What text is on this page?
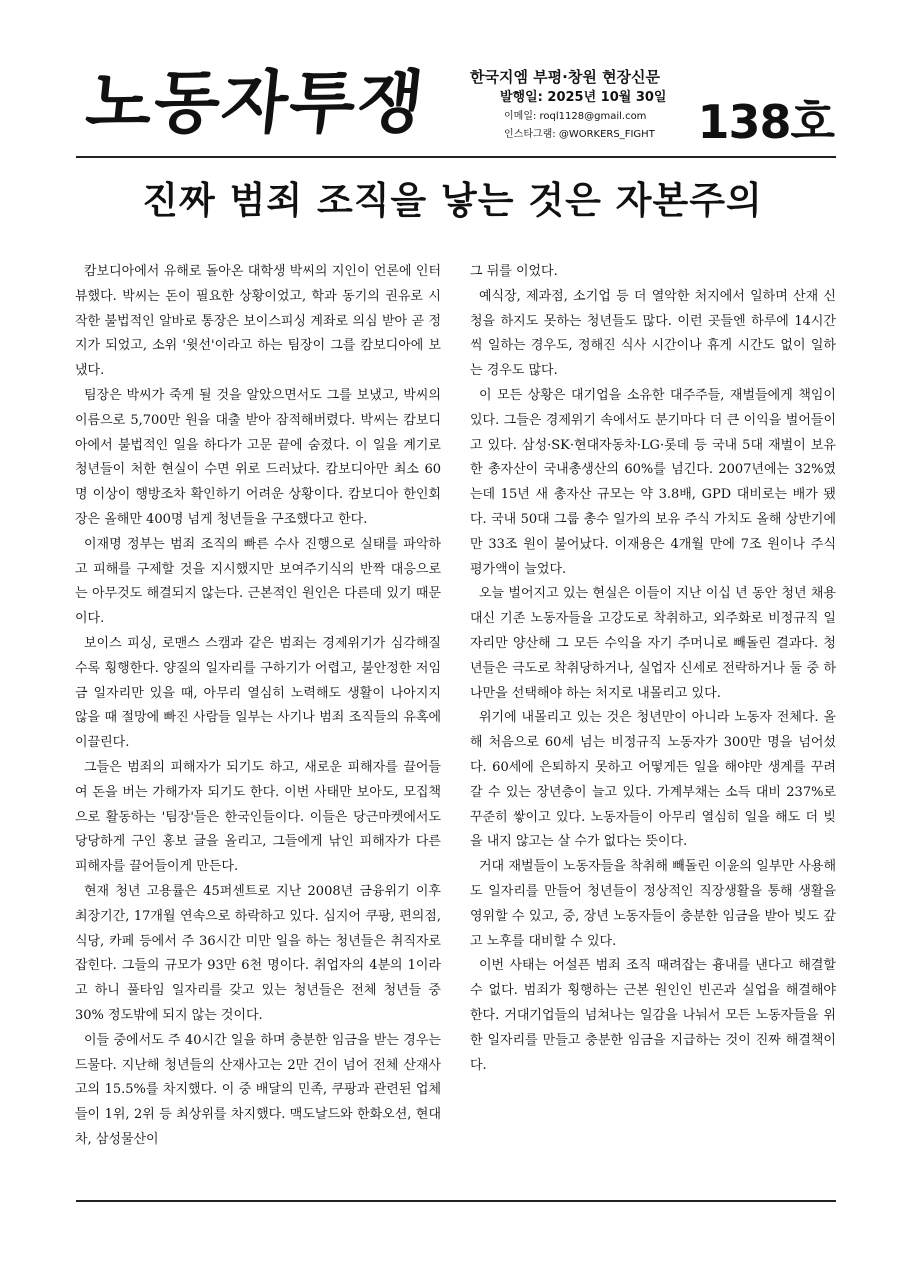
노동자투쟁	한국지엠 부평·창원 현장신문
발행일: 2025년 10월 30일
이메일: roql1128@gmail.com
인스타그램: @WORKERS_FIGHT 138호
진짜 범죄 조직을 낳는 것은 자본주의

캄보디아에서 유해로 돌아온 대학생 박씨의 지인이 언론에 인터뷰했다. 박씨는 돈이 필요한 상황이었고, 학과 동기의 권유로 시작한 불법적인 알바로 통장은 보이스피싱 계좌로 의심 받아 곧 정지가 되었고, 소위 '윗선'이라고 하는 팀장이 그를 캄보디아에 보냈다.

팀장은 박씨가 죽게 될 것을 알았으면서도 그를 보냈고, 박씨의 이름으로 5,700만 원을 대출 받아 잠적해버렸다. 박씨는 캄보디아에서 불법적인 일을 하다가 고문 끝에 숨졌다. 이 일을 계기로 청년들이 처한 현실이 수면 위로 드러났다. 캄보디아만 최소 60명 이상이 행방조차 확인하기 어려운 상황이다. 캄보디아 한인회장은 올해만 400명 넘게 청년들을 구조했다고 한다.

이재명 정부는 범죄 조직의 빠른 수사 진행으로 실태를 파악하고 피해를 구제할 것을 지시했지만 보여주기식의 반짝 대응으로는 아무것도 해결되지 않는다. 근본적인 원인은 다른데 있기 때문이다.

보이스 피싱, 로맨스 스캠과 같은 범죄는 경제위기가 심각해질수록 횡행한다. 양질의 일자리를 구하기가 어렵고, 불안정한 저임금 일자리만 있을 때, 아무리 열심히 노력해도 생활이 나아지지 않을 때 절망에 빠진 사람들 일부는 사기나 범죄 조직들의 유혹에 이끌린다.

그들은 범죄의 피해자가 되기도 하고, 새로운 피해자를 끌어들여 돈을 버는 가해가자 되기도 한다. 이번 사태만 보아도, 모집책으로 활동하는 '팀장'들은 한국인들이다. 이들은 당근마켓에서도 당당하게 구인 홍보 글을 올리고, 그들에게 낚인 피해자가 다른 피해자를 끌어들이게 만든다.

현재 청년 고용률은 45퍼센트로 지난 2008년 금융위기 이후 최장기간, 17개월 연속으로 하락하고 있다. 심지어 쿠팡, 편의점, 식당, 카페 등에서 주 36시간 미만 일을 하는 청년들은 취직자로 잡힌다. 그들의 규모가 93만 6천 명이다. 취업자의 4분의 1이라고 하니 풀타임 일자리를 갖고 있는 청년들은 전체 청년들 중 30% 정도밖에 되지 않는 것이다.

이들 중에서도 주 40시간 일을 하며 충분한 임금을 받는 경우는 드물다. 지난해 청년들의 산재사고는 2만 건이 넘어 전체 산재사고의 15.5%를 차지했다. 이 중 배달의 민족, 쿠팡과 관련된 업체들이 1위, 2위 등 최상위를 차지했다. 맥도날드와 한화오션, 현대차, 삼성물산이

그 뒤를 이었다.

예식장, 제과점, 소기업 등 더 열악한 처지에서 일하며 산재 신청을 하지도 못하는 청년들도 많다. 이런 곳들엔 하루에 14시간씩 일하는 경우도, 정해진 식사 시간이나 휴게 시간도 없이 일하는 경우도 많다.

이 모든 상황은 대기업을 소유한 대주주들, 재벌들에게 책임이 있다. 그들은 경제위기 속에서도 분기마다 더 큰 이익을 벌어들이고 있다. 삼성·SK·현대자동차·LG·롯데 등 국내 5대 재벌이 보유한 총자산이 국내총생산의 60%를 넘긴다. 2007년에는 32%였는데 15년 새 총자산 규모는 약 3.8배, GPD 대비로는 배가 됐다. 국내 50대 그룹 총수 일가의 보유 주식 가치도 올해 상반기에만 33조 원이 불어났다. 이재용은 4개월 만에 7조 원이나 주식 평가액이 늘었다.

오늘 벌어지고 있는 현실은 이들이 지난 이십 년 동안 청년 채용 대신 기존 노동자들을 고강도로 착취하고, 외주화로 비정규직 일자리만 양산해 그 모든 수익을 자기 주머니로 빼돌린 결과다. 청년들은 극도로 착취당하거나, 실업자 신세로 전락하거나 둘 중 하나만을 선택해야 하는 처지로 내몰리고 있다.

위기에 내몰리고 있는 것은 청년만이 아니라 노동자 전체다. 올해 처음으로 60세 넘는 비정규직 노동자가 300만 명을 넘어섰다. 60세에 은퇴하지 못하고 어떻게든 일을 해야만 생계를 꾸려갈 수 있는 장년층이 늘고 있다. 가계부채는 소득 대비 237%로 꾸준히 쌓이고 있다. 노동자들이 아무리 열심히 일을 해도 더 빚을 내지 않고는 살 수가 없다는 뜻이다.

거대 재벌들이 노동자들을 착취해 빼돌린 이윤의 일부만 사용해도 일자리를 만들어 청년들이 정상적인 직장생활을 통해 생활을 영위할 수 있고, 중, 장년 노동자들이 충분한 임금을 받아 빚도 갚고 노후를 대비할 수 있다.

이번 사태는 어설픈 범죄 조직 때려잡는 흉내를 낸다고 해결할 수 없다. 범죄가 횡행하는 근본 원인인 빈곤과 실업을 해결해야 한다. 거대기업들의 넘쳐나는 일감을 나눠서 모든 노동자들을 위한 일자리를 만들고 충분한 임금을 지급하는 것이 진짜 해결책이다.
